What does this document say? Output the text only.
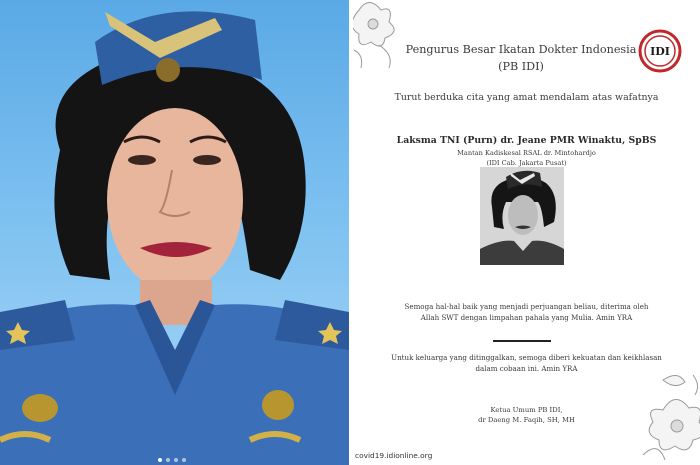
Pengurus Besar Ikatan Dokter Indonesia
(PB IDI)
IDI
Turut berduka cita yang amat mendalam atas wafatnya
Laksma TNI (Purn) dr. Jeane PMR Winaktu, SpBS
Mantan Kadiskesal RSAL dr. Mintohardjo
(IDI Cab. Jakarta Pusat)
Semoga hal-hal baik yang menjadi perjuangan beliau, diterima oleh
Allah SWT dengan limpahan pahala yang Mulia. Amin YRA
Untuk keluarga yang ditinggalkan, semoga diberi kekuatan dan keikhlasan
dalam cobaan ini. Amin YRA
Ketua Umum PB IDI,
dr Daeng M. Faqih, SH, MH
covid19.idionline.org
